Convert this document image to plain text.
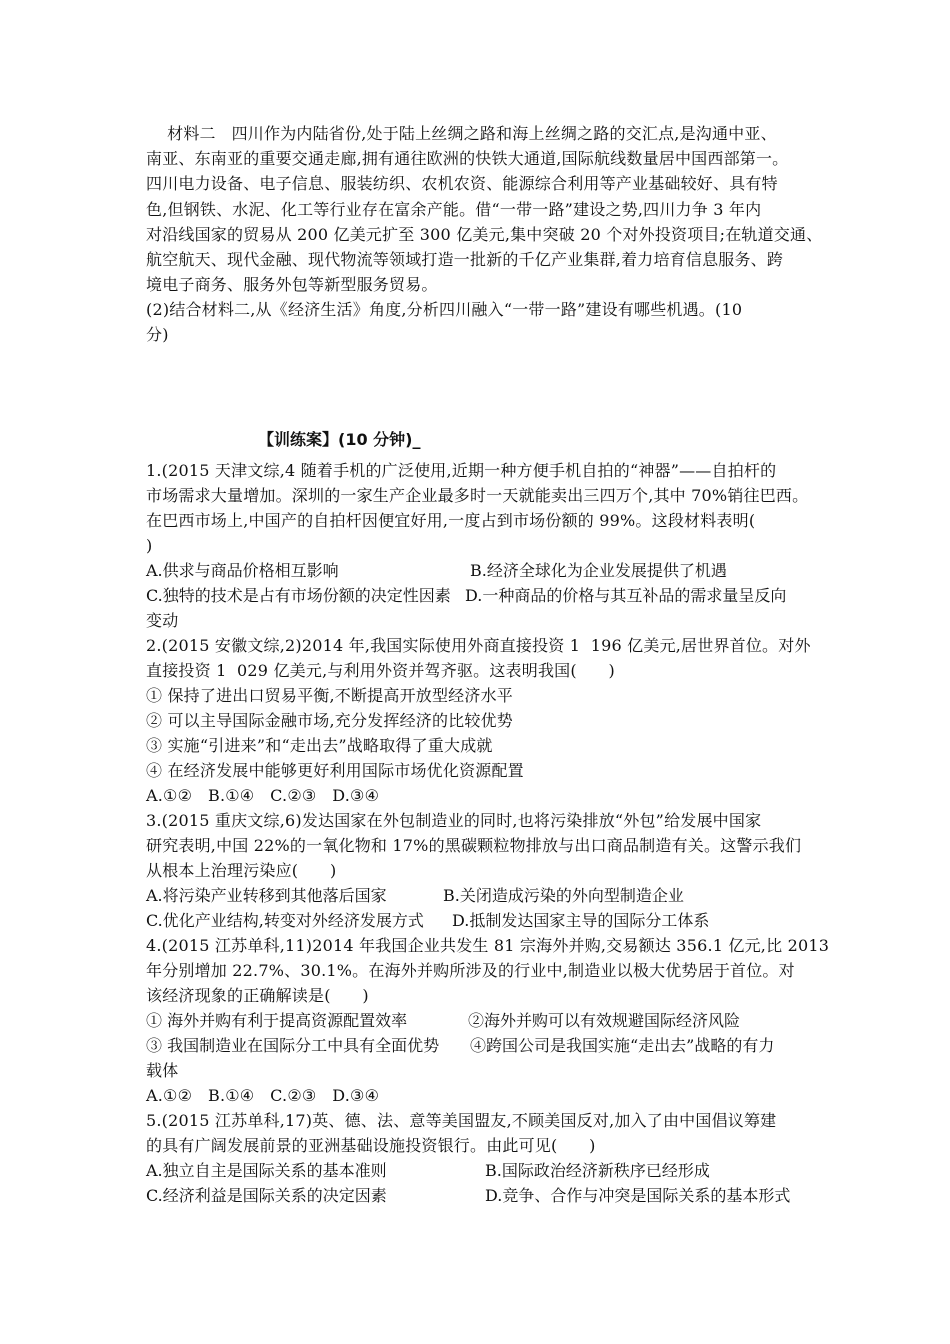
材料二   四川作为内陆省份,处于陆上丝绸之路和海上丝绸之路的交汇点,是沟通中亚、
南亚、东南亚的重要交通走廊,拥有通往欧洲的快铁大通道,国际航线数量居中国西部第一。
四川电力设备、电子信息、服装纺织、农机农资、能源综合利用等产业基础较好、具有特
色,但钢铁、水泥、化工等行业存在富余产能。借“一带一路”建设之势,四川力争 3 年内
对沿线国家的贸易从 200 亿美元扩至 300 亿美元,集中突破 20 个对外投资项目;在轨道交通、
航空航天、现代金融、现代物流等领域打造一批新的千亿产业集群,着力培育信息服务、跨
境电子商务、服务外包等新型服务贸易。
(2)结合材料二,从《经济生活》角度,分析四川融入“一带一路”建设有哪些机遇。(10
分)
【训练案】(10 分钟)_
1.(2015 天津文综,4 随着手机的广泛使用,近期一种方便手机自拍的“神器”——自拍杆的
市场需求大量增加。深圳的一家生产企业最多时一天就能卖出三四万个,其中 70%销往巴西。
在巴西市场上,中国产的自拍杆因便宜好用,一度占到市场份额的 99%。这段材料表明(
)

A.供求与商品价格相互影响

	B.经济全球化为企业发展提供了机遇

C.独特的技术是占有市场份额的决定性因素

D.一种商品的价格与其互补品的需求量呈反向

变动
2.(2015 安徽文综,2)2014 年,我国实际使用外商直接投资 1  196 亿美元,居世界首位。对外
直接投资 1  029 亿美元,与利用外资并驾齐驱。这表明我国(      )
① 保持了进出口贸易平衡,不断提高开放型经济水平
② 可以主导国际金融市场,充分发挥经济的比较优势
③ 实施“引进来”和“走出去”战略取得了重大成就
④ 在经济发展中能够更好利用国际市场优化资源配置
A.①②   B.①④   C.②③   D.③④
3.(2015 重庆文综,6)发达国家在外包制造业的同时,也将污染排放“外包”给发展中国家
研究表明,中国 22%的一氧化物和 17%的黑碳颗粒物排放与出口商品制造有关。这警示我们
从根本上治理污染应(      )

A.将污染产业转移到其他落后国家

	B.关闭造成污染的外向型制造企业

C.优化产业结构,转变对外经济发展方式

D.抵制发达国家主导的国际分工体系

4.(2015 江苏单科,11)2014 年我国企业共发生 81 宗海外并购,交易额达 356.1 亿元,比 2013
年分别增加 22.7%、30.1%。在海外并购所涉及的行业中,制造业以极大优势居于首位。对
该经济现象的正确解读是(      )

① 海外并购有利于提高资源配置效率

	②海外并购可以有效规避国际经济风险

③ 我国制造业在国际分工中具有全面优势

④跨国公司是我国实施“走出去”战略的有力

载体
A.①②   B.①④   C.②③   D.③④
5.(2015 江苏单科,17)英、德、法、意等美国盟友,不顾美国反对,加入了由中国倡议筹建
的具有广阔发展前景的亚洲基础设施投资银行。由此可见(      )

A.独立自主是国际关系的基本准则

	B.国际政治经济新秩序已经形成

C.经济利益是国际关系的决定因素

	D.竞争、合作与冲突是国际关系的基本形式
